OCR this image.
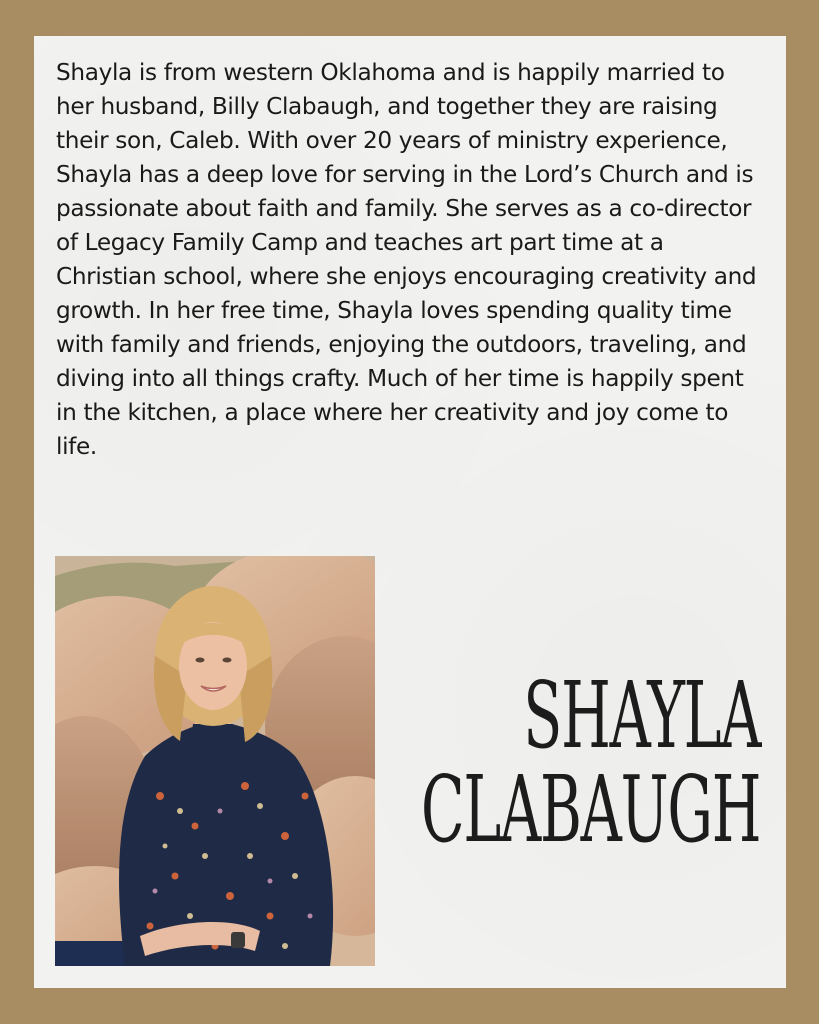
Shayla is from western Oklahoma and is happily married to her husband, Billy Clabaugh, and together they are raising their son, Caleb. With over 20 years of ministry experience, Shayla has a deep love for serving in the Lord’s Church and is passionate about faith and family. She serves as a co-director of Legacy Family Camp and teaches art part time at a Christian school, where she enjoys encouraging creativity and growth. In her free time, Shayla loves spending quality time with family and friends, enjoying the outdoors, traveling, and diving into all things crafty. Much of her time is happily spent in the kitchen, a place where her creativity and joy come to life.

SHAYLA
CLABAUGH
